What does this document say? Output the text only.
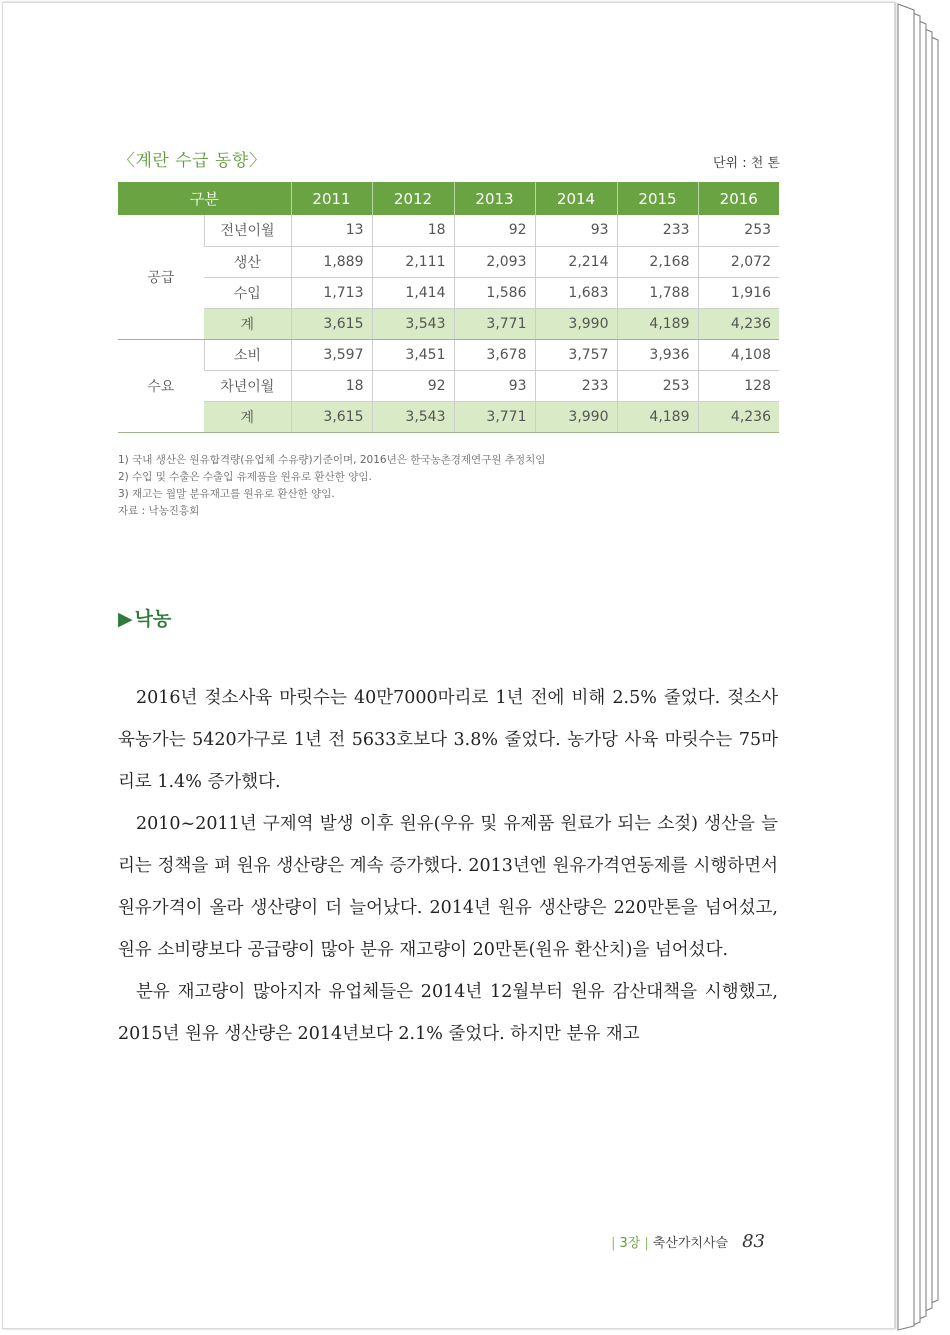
〈계란 수급 동향〉	단위 : 천 톤
구분		2011	2012	2013	2014	2015	2016
공급	전년이월	13	18	92	93	233	253
	생산	1,889	2,111	2,093	2,214	2,168	2,072
	수입	1,713	1,414	1,586	1,683	1,788	1,916
	계	3,615	3,543	3,771	3,990	4,189	4,236
수요	소비	3,597	3,451	3,678	3,757	3,936	4,108
	차년이월	18	92	93	233	253	128
	계	3,615	3,543	3,771	3,990	4,189	4,236
1) 국내 생산은 원유합격량(유업체 수유량)기준이며, 2016년은 한국농촌경제연구원 추정치임
2) 수입 및 수출은 수출입 유제품을 원유로 환산한 양임.
3) 재고는 월말 분유재고를 원유로 환산한 양임.
자료 : 낙농진흥회
▶ 낙농

2016년 젖소사육 마릿수는 40만7000마리로 1년 전에 비해 2.5% 줄었다. 젖소사육농가는 5420가구로 1년 전 5633호보다 3.8% 줄었다. 농가당 사육 마릿수는 75마리로 1.4% 증가했다.

2010~2011년 구제역 발생 이후 원유(우유 및 유제품 원료가 되는 소젖) 생산을 늘리는 정책을 펴 원유 생산량은 계속 증가했다. 2013년엔 원유가격연동제를 시행하면서 원유가격이 올라 생산량이 더 늘어났다. 2014년 원유 생산량은 220만톤을 넘어섰고, 원유 소비량보다 공급량이 많아 분유 재고량이 20만톤(원유 환산치)을 넘어섰다.

분유 재고량이 많아지자 유업체들은 2014년 12월부터 원유 감산대책을 시행했고, 2015년 원유 생산량은 2014년보다 2.1% 줄었다. 하지만 분유 재고

| 3장 | 축산가치사슬 83
